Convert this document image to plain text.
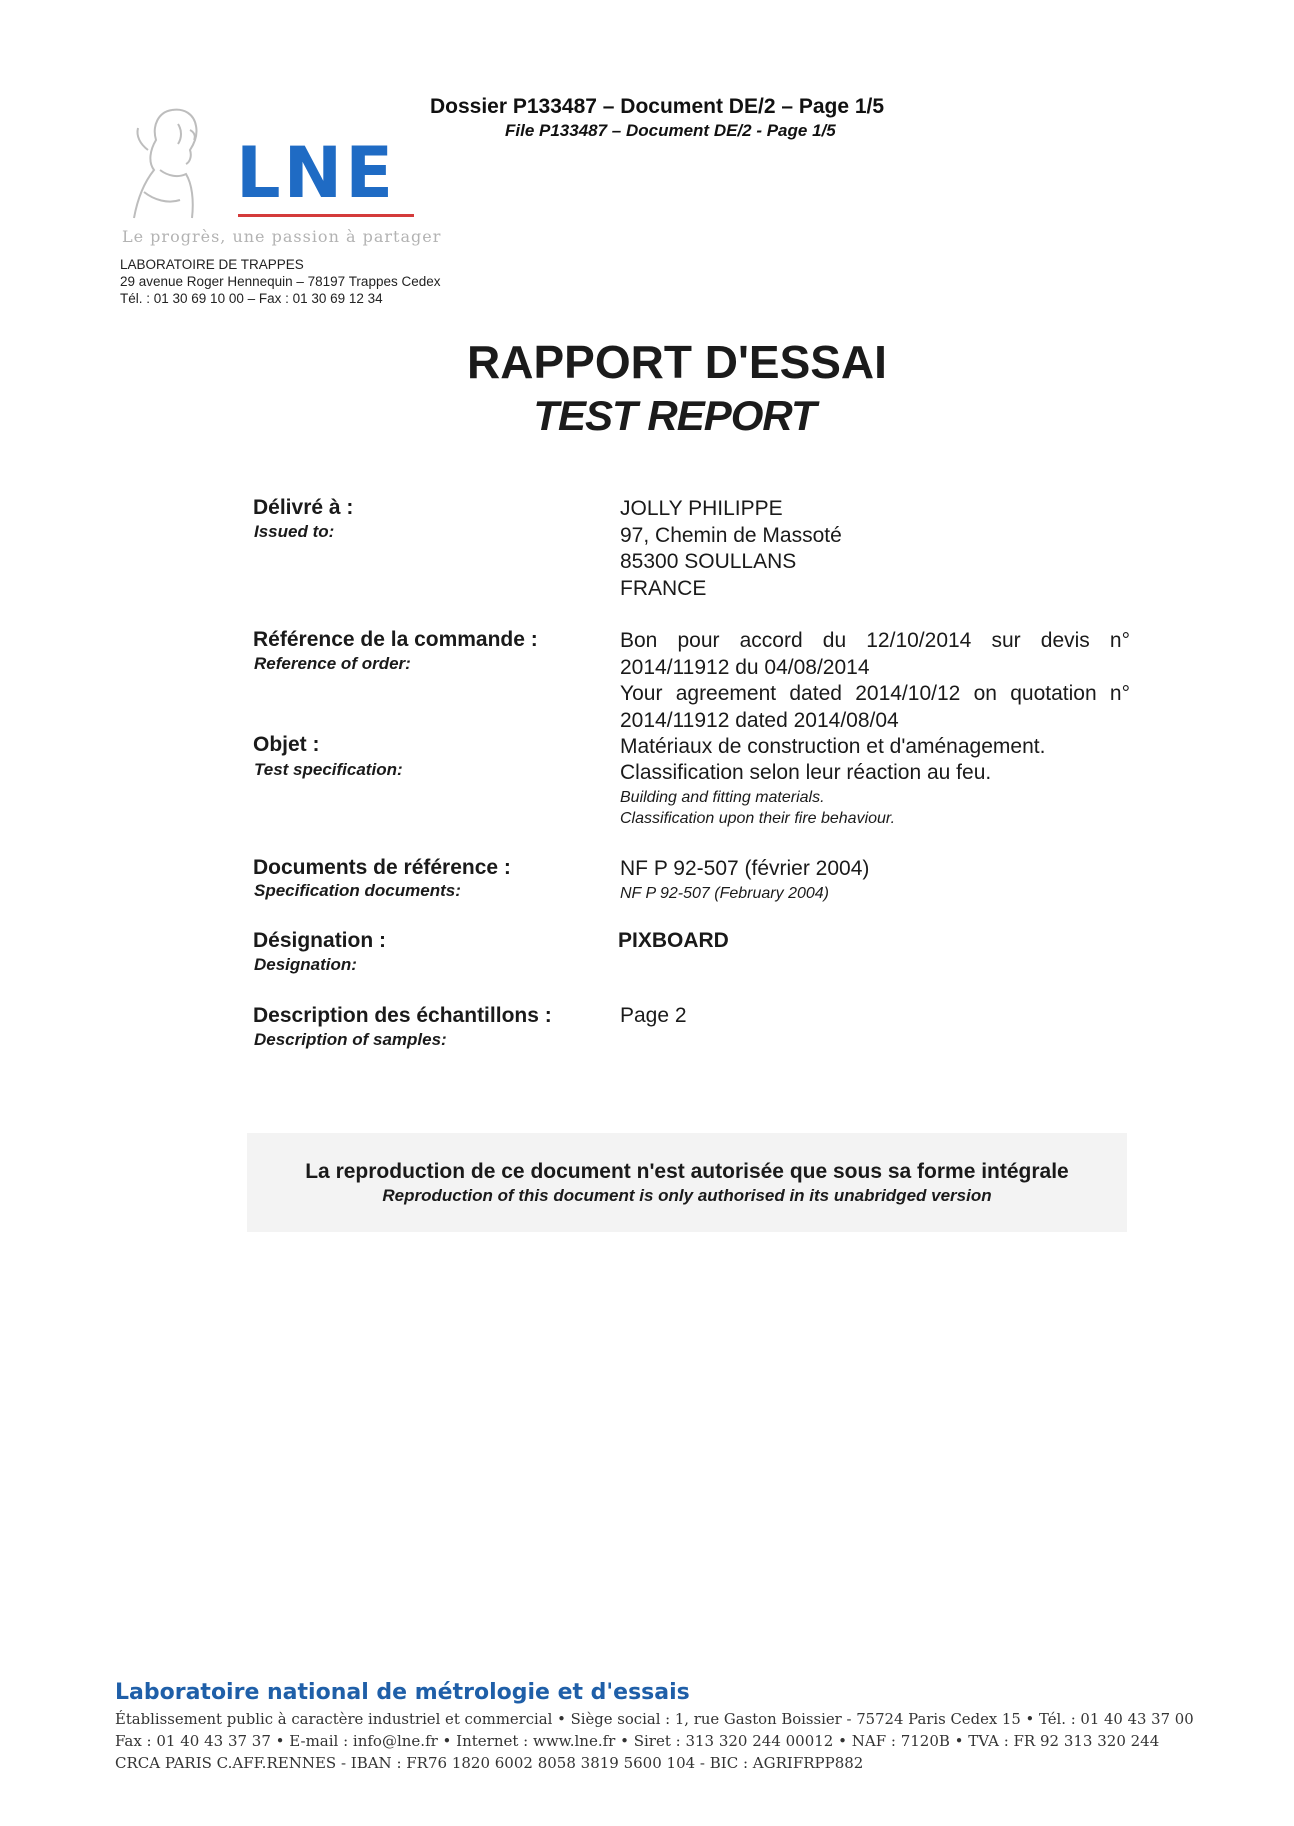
Dossier P133487 – Document DE/2 – Page 1/5
File P133487 – Document DE/2 - Page 1/5
LNE
Le progrès, une passion à partager
LABORATOIRE DE TRAPPES
29 avenue Roger Hennequin – 78197 Trappes Cedex
Tél. : 01 30 69 10 00 – Fax : 01 30 69 12 34
RAPPORT D'ESSAI
TEST REPORT
Délivré à :
Issued to:
JOLLY PHILIPPE
97, Chemin de Massoté
85300 SOULLANS
FRANCE
Référence de la commande :
Reference of order:
Bon pour accord du 12/10/2014 sur devis n° 2014/11912 du 04/08/2014
Your agreement dated 2014/10/12 on quotation n° 2014/11912 dated 2014/08/04
Objet :
Test specification:
Matériaux de construction et d'aménagement.
Classification selon leur réaction au feu.
Building and fitting materials.
Classification upon their fire behaviour.
Documents de référence :
Specification documents:
NF P 92-507 (février 2004)
NF P 92-507 (February 2004)
Désignation :
Designation:
PIXBOARD
Description des échantillons :
Description of samples:
Page 2
La reproduction de ce document n'est autorisée que sous sa forme intégrale
Reproduction of this document is only authorised in its unabridged version
Laboratoire national de métrologie et d'essais
Établissement public à caractère industriel et commercial • Siège social : 1, rue Gaston Boissier - 75724 Paris Cedex 15 • Tél. : 01 40 43 37 00
Fax : 01 40 43 37 37 • E-mail : info@lne.fr • Internet : www.lne.fr • Siret : 313 320 244 00012 • NAF : 7120B • TVA : FR 92 313 320 244
CRCA PARIS C.AFF.RENNES - IBAN : FR76 1820 6002 8058 3819 5600 104 - BIC : AGRIFRPP882
